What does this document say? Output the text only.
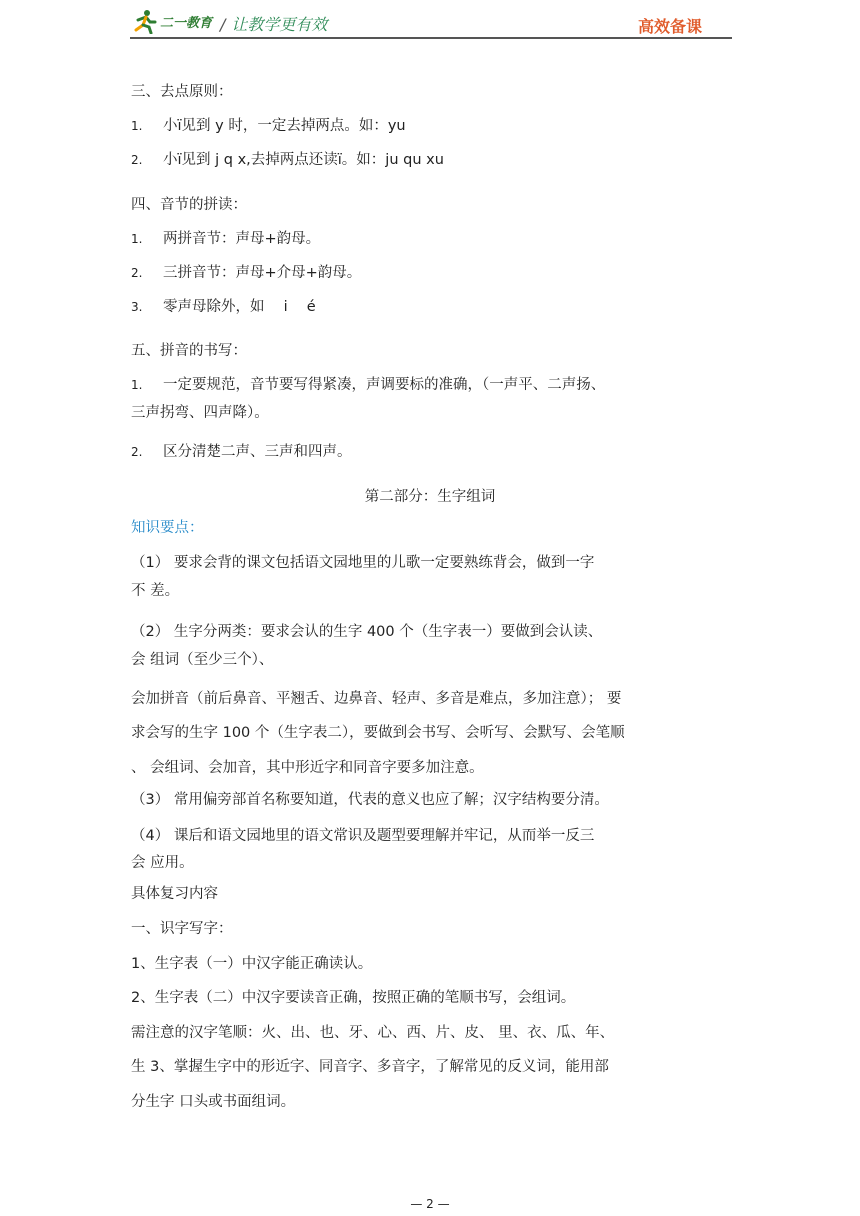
二一教育 / 让教学更有效	高效备课
三、去点原则：
1. 小ï见到 y 时，一定去掉两点。如：yu
2. 小ï见到 j q x,去掉两点还读ï。如：ju qu xu
四、音节的拼读：
1. 两拼音节：声母+韵母。
2. 三拼音节：声母+介母+韵母。
3. 零声母除外，如　 i　 é
五、拼音的书写：
1. 一定要规范，音节要写得紧凑，声调要标的准确，（一声平、二声扬、
三声拐弯、四声降）。
2. 区分清楚二声、三声和四声。
第二部分：生字组词
知识要点：
（1） 要求会背的课文包括语文园地里的儿歌一定要熟练背会，做到一字
不 差。
（2） 生字分两类：要求会认的生字 400 个（生字表一）要做到会认读、
会 组词（至少三个）、
会加拼音（前后鼻音、平翘舌、边鼻音、轻声、多音是难点，多加注意）； 要
求会写的生字 100 个（生字表二），要做到会书写、会听写、会默写、会笔顺
、 会组词、会加音，其中形近字和同音字要多加注意。
（3） 常用偏旁部首名称要知道，代表的意义也应了解；汉字结构要分清。
（4） 课后和语文园地里的语文常识及题型要理解并牢记，从而举一反三
会 应用。
具体复习内容
一、识字写字：
1、生字表（一）中汉字能正确读认。
2、生字表（二）中汉字要读音正确，按照正确的笔顺书写，会组词。
需注意的汉字笔顺：火、出、也、牙、心、西、片、皮、 里、衣、瓜、年、
生 3、掌握生字中的形近字、同音字、多音字，了解常见的反义词，能用部
分生字 口头或书面组词。
— 2 —
